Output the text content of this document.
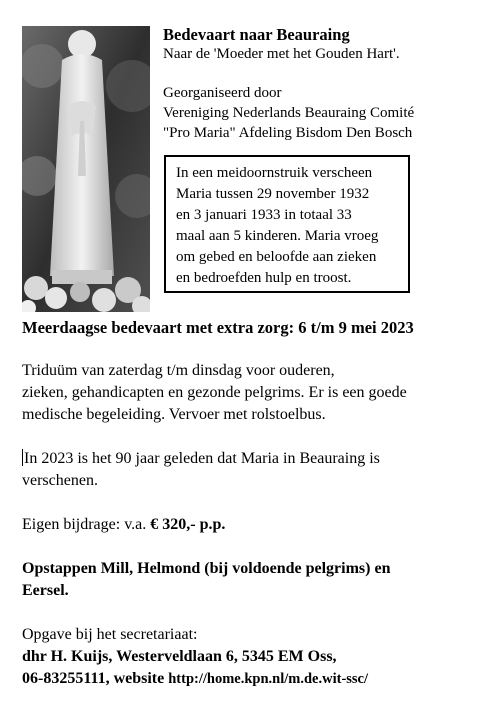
Bedevaart naar Beauraing
Naar de 'Moeder met het Gouden Hart'.
Georganiseerd door
Vereniging Nederlands Beauraing Comité
"Pro Maria" Afdeling Bisdom Den Bosch
In een meidoornstruik verscheen
Maria tussen 29 november 1932
en 3 januari 1933 in totaal 33
maal aan 5 kinderen. Maria vroeg
om gebed en beloofde aan zieken
en bedroefden hulp en troost.

Meerdaagse bedevaart met extra zorg: 6 t/m 9 mei 2023

Triduüm van zaterdag t/m dinsdag voor ouderen,
zieken, gehandicapten en gezonde pelgrims. Er is een goede
medische begeleiding. Vervoer met rolstoelbus.

In 2023 is het 90 jaar geleden dat Maria in Beauraing is
verschenen.

Eigen bijdrage: v.a. € 320,- p.p.

Opstappen Mill, Helmond (bij voldoende pelgrims) en
Eersel.

Opgave bij het secretariaat:
dhr H. Kuijs, Westerveldlaan 6, 5345 EM Oss,
06-83255111, website http://home.kpn.nl/m.de.wit-ssc/
